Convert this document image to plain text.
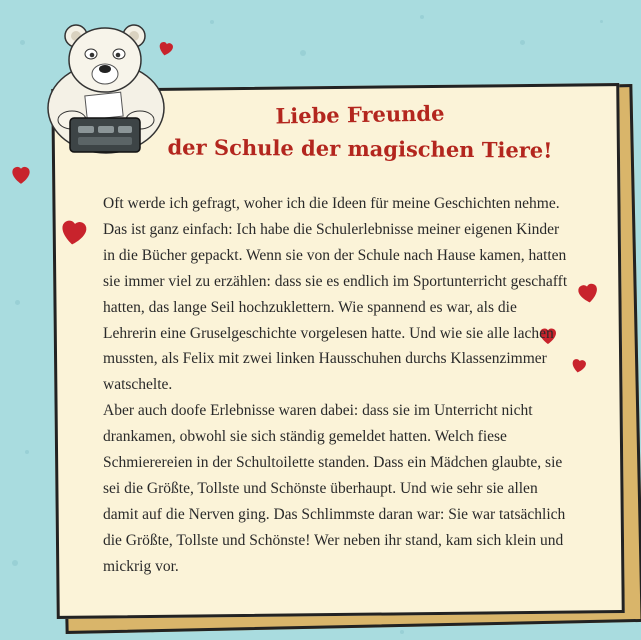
Liebe Freunde
der Schule der magischen Tiere!

Oft werde ich gefragt, woher ich die Ideen für meine Geschichten nehme. Das ist ganz einfach: Ich habe die Schulerlebnisse meiner eigenen Kinder in die Bücher gepackt. Wenn sie von der Schule nach Hause kamen, hatten sie immer viel zu erzählen: dass sie es endlich im Sportunterricht geschafft hatten, das lange Seil hochzuklettern. Wie spannend es war, als die Lehrerin eine Gruselgeschichte vorgelesen hatte. Und wie sie alle lachen mussten, als Felix mit zwei linken Hausschuhen durchs Klassenzimmer watschelte.

Aber auch doofe Erlebnisse waren dabei: dass sie im Unterricht nicht drankamen, obwohl sie sich ständig gemeldet hatten. Welch fiese Schmierereien in der Schultoilette standen. Dass ein Mädchen glaubte, sie sei die Größte, Tollste und Schönste überhaupt. Und wie sehr sie allen damit auf die Nerven ging. Das Schlimmste daran war: Sie war tatsächlich die Größte, Tollste und Schönste! Wer neben ihr stand, kam sich klein und mickrig vor.
